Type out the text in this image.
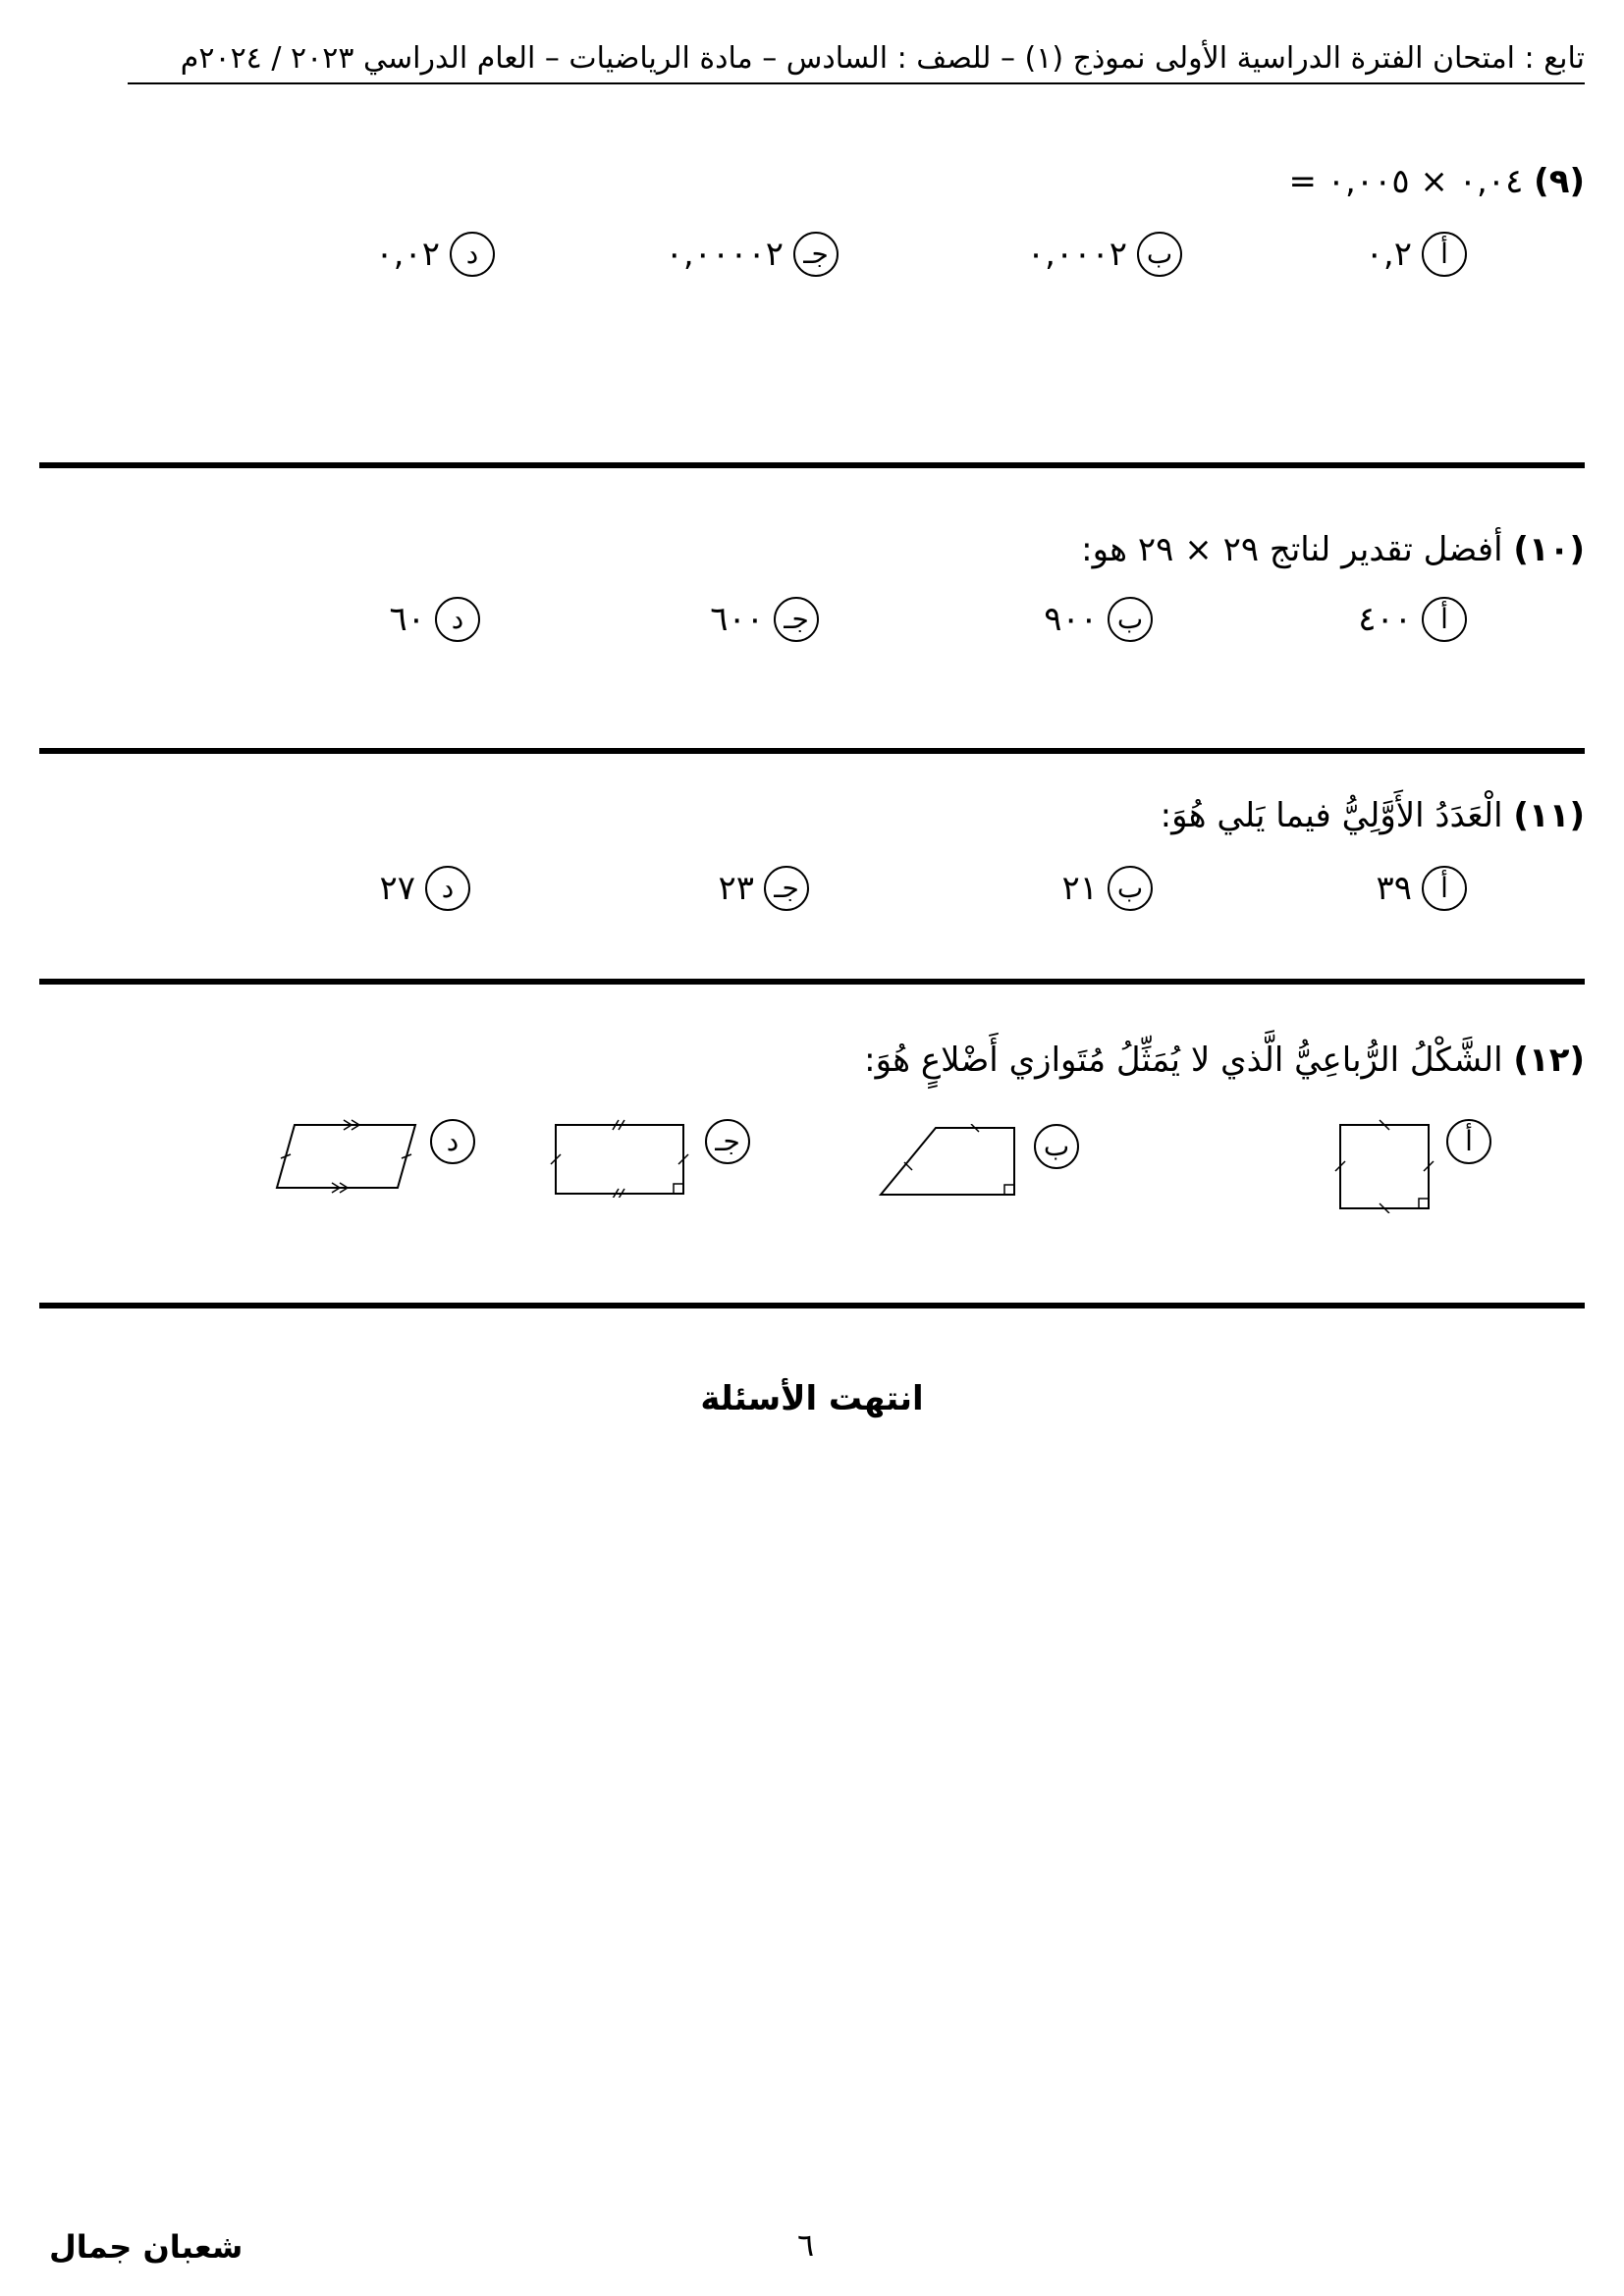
تابع : امتحان الفترة الدراسية الأولى نموذج (١) – للصف : السادس – مادة الرياضيات – العام الدراسي ٢٠٢٣ / ٢٠٢٤م
(٩) ٠,٠٤ × ٠,٠٠٥ =
أ
٠,٢
ب
٠,٠٠٠٢
جـ
٠,٠٠٠٠٢
د
٠,٠٢
(١٠) أفضل تقدير لناتج ٢٩ × ٢٩ هو:
أ
٤٠٠
ب
٩٠٠
جـ
٦٠٠
د
٦٠
(١١) الْعَدَدُ الأَوَّلِيُّ فيما يَلي هُوَ:
أ
٣٩
ب
٢١
جـ
٢٣
د
٢٧
(١٢) الشَّكْلُ الرُّباعِيُّ الَّذي لا يُمَثِّلُ مُتَوازي أَضْلاعٍ هُوَ:
أ
ب
جـ
د
انتهت الأسئلة
شعبان جمال	٦
